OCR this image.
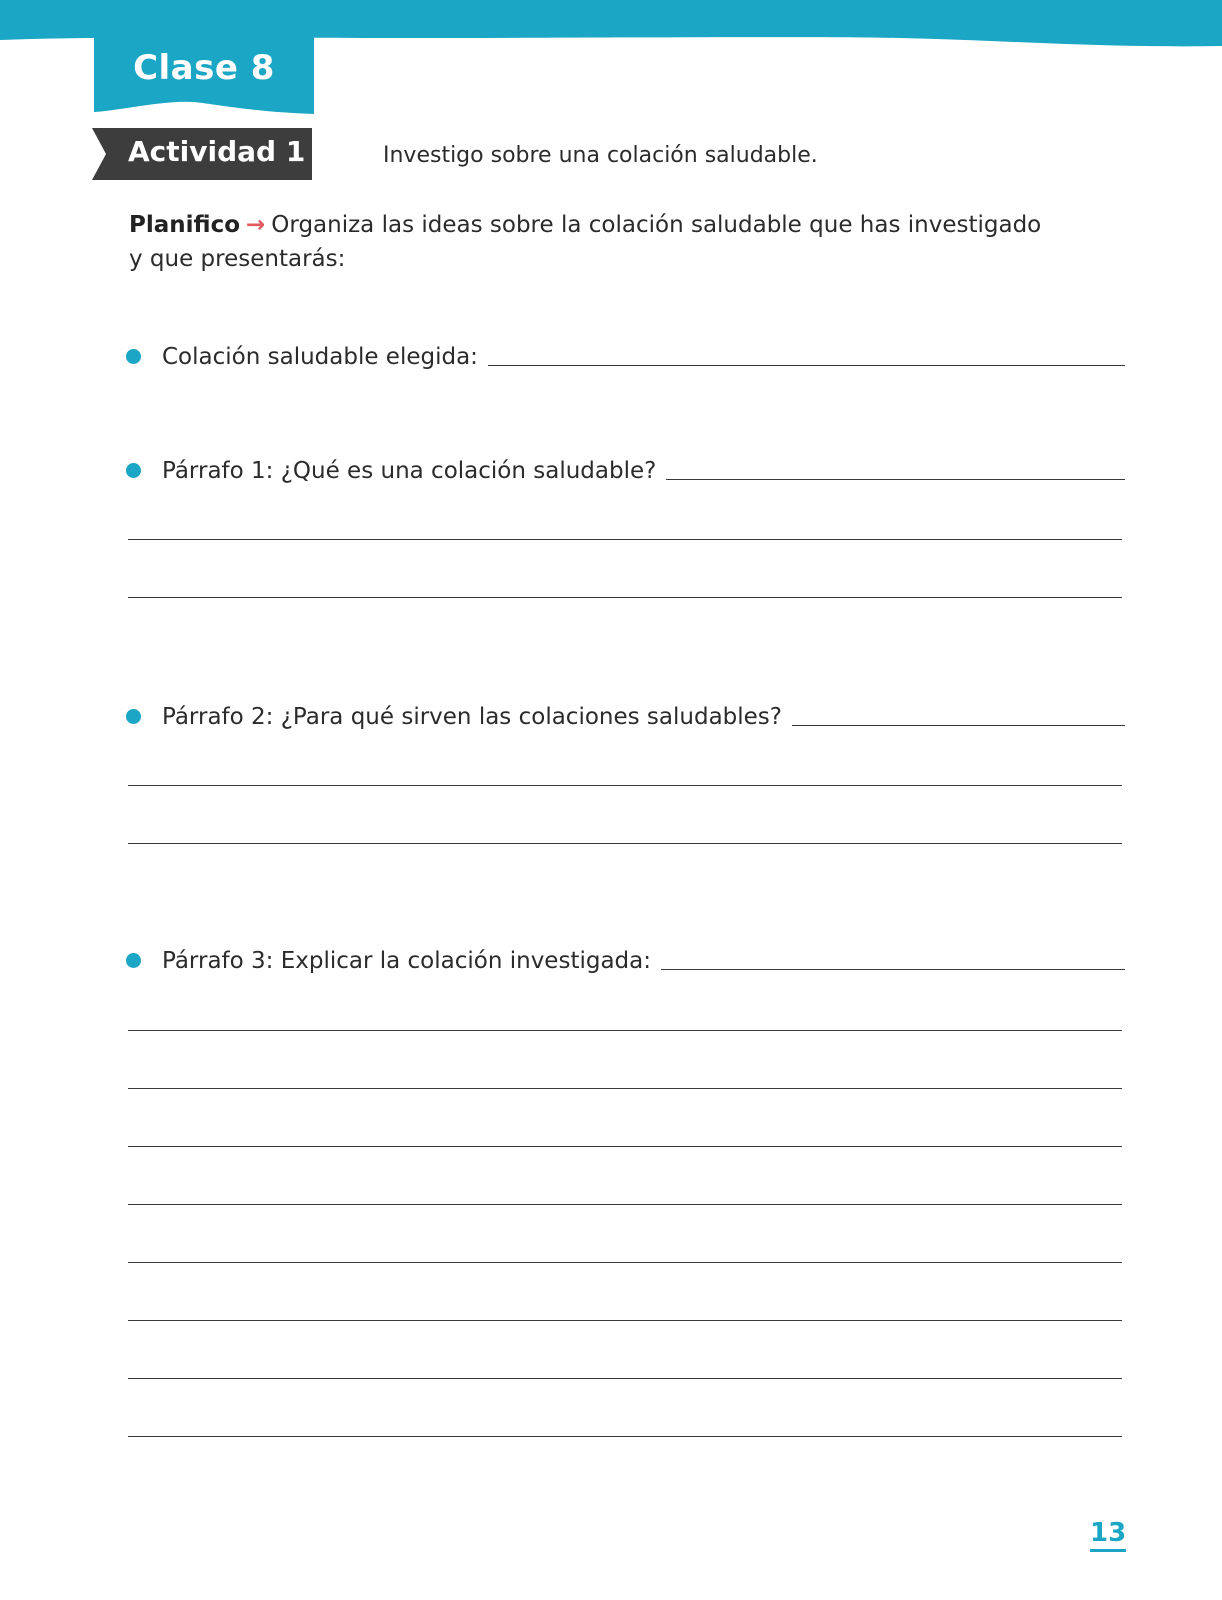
Clase 8
Actividad 1	Investigo sobre una colación saludable.
Planifico → Organiza las ideas sobre la colación saludable que has investigado
y que presentarás:
Colación saludable elegida:
Párrafo 1: ¿Qué es una colación saludable?
Párrafo 2: ¿Para qué sirven las colaciones saludables?
Párrafo 3: Explicar la colación investigada:
13
